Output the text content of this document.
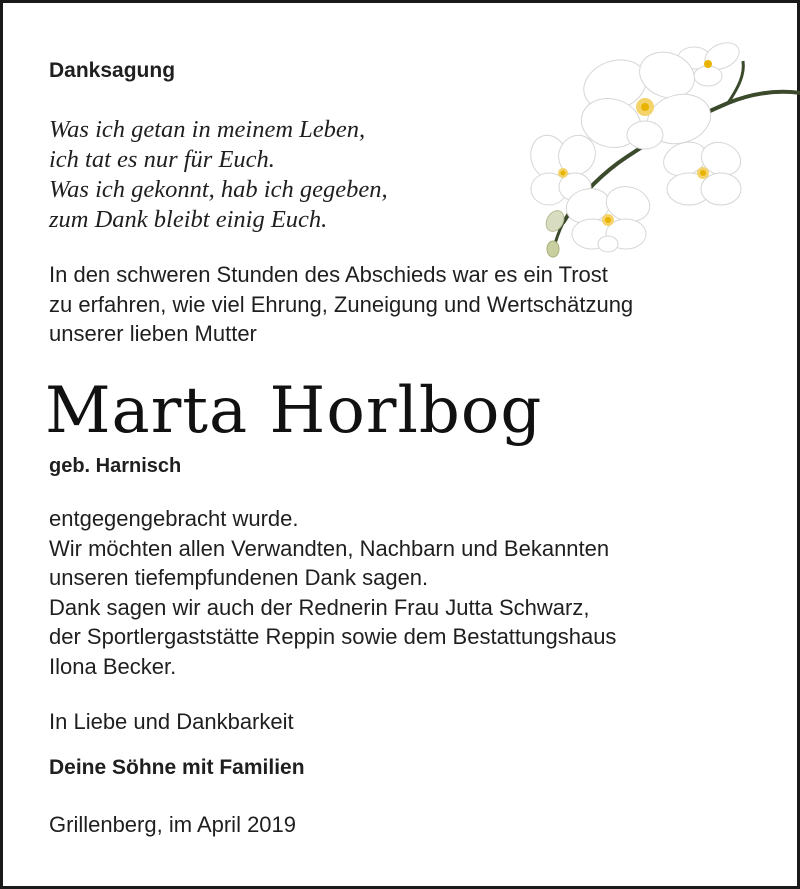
Danksagung
Was ich getan in meinem Leben,
ich tat es nur für Euch.
Was ich gekonnt, hab ich gegeben,
zum Dank bleibt einig Euch.
In den schweren Stunden des Abschieds war es ein Trost
zu erfahren, wie viel Ehrung, Zuneigung und Wertschätzung
unserer lieben Mutter
Marta Horlbog
geb. Harnisch
entgegengebracht wurde.
Wir möchten allen Verwandten, Nachbarn und Bekannten
unseren tiefempfundenen Dank sagen.
Dank sagen wir auch der Rednerin Frau Jutta Schwarz,
der Sportlergaststätte Reppin sowie dem Bestattungshaus
Ilona Becker.
In Liebe und Dankbarkeit
Deine Söhne mit Familien
Grillenberg, im April 2019
